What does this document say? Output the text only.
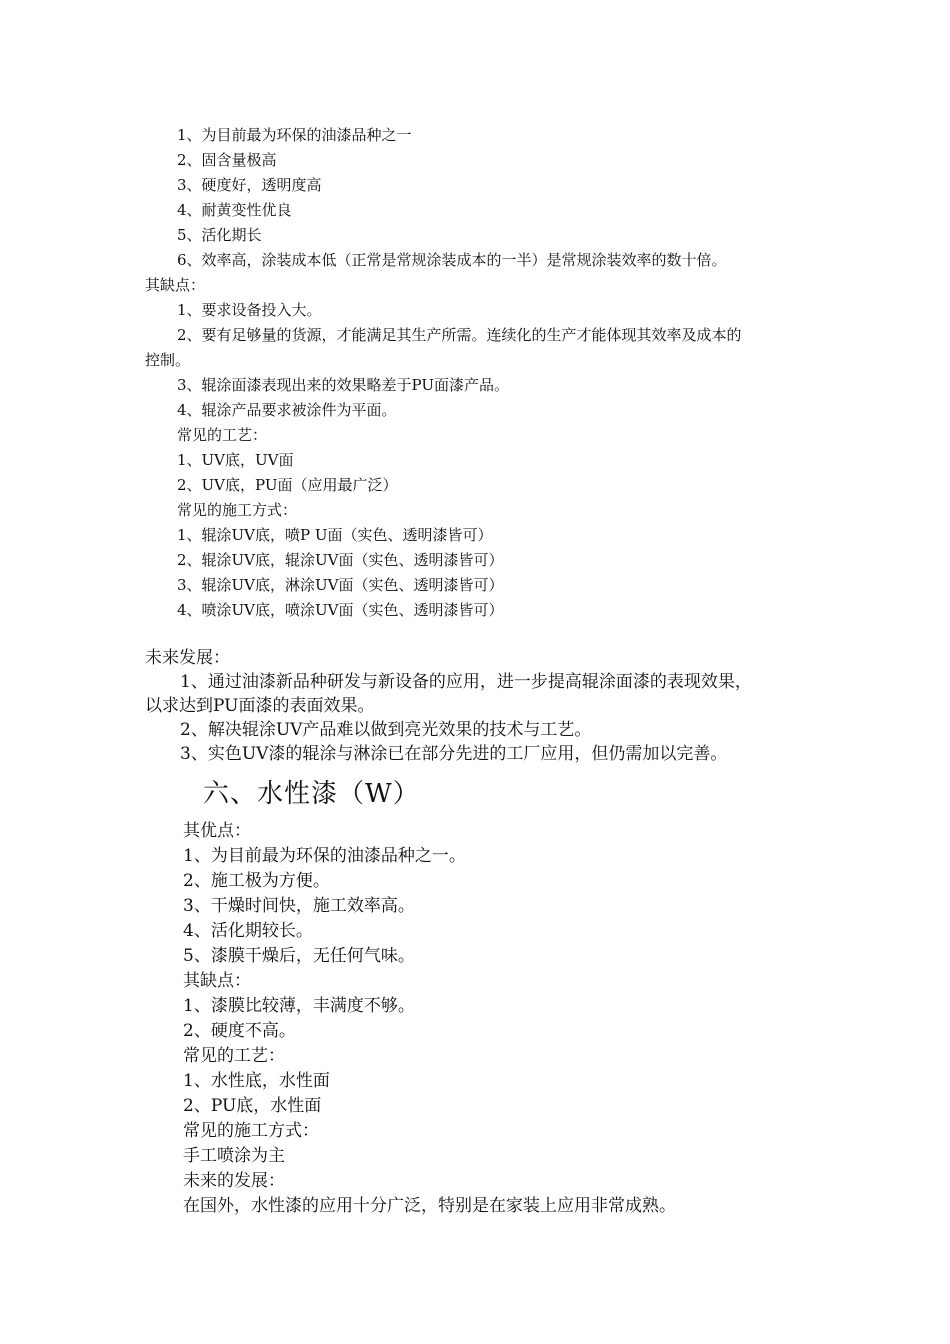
1、为目前最为环保的油漆品种之一
2、固含量极高
3、硬度好，透明度高
4、耐黄变性优良
5、活化期长
6、效率高，涂装成本低（正常是常规涂装成本的一半）是常规涂装效率的数十倍。
其缺点：
1、要求设备投入大。
2、要有足够量的货源，才能满足其生产所需。连续化的生产才能体现其效率及成本的
控制。
3、辊涂面漆表现出来的效果略差于PU面漆产品。
4、辊涂产品要求被涂件为平面。
常见的工艺：
1、UV底，UV面
2、UV底，PU面（应用最广泛）
常见的施工方式：
1、辊涂UV底，喷P U面（实色、透明漆皆可）
2、辊涂UV底，辊涂UV面（实色、透明漆皆可）
3、辊涂UV底，淋涂UV面（实色、透明漆皆可）
4、喷涂UV底，喷涂UV面（实色、透明漆皆可）
未来发展：
1、通过油漆新品种研发与新设备的应用，进一步提高辊涂面漆的表现效果，
以求达到PU面漆的表面效果。
2、解决辊涂UV产品难以做到亮光效果的技术与工艺。
3、实色UV漆的辊涂与淋涂已在部分先进的工厂应用，但仍需加以完善。
六、水性漆（W）
其优点：
1、为目前最为环保的油漆品种之一。
2、施工极为方便。
3、干燥时间快，施工效率高。
4、活化期较长。
5、漆膜干燥后，无任何气味。
其缺点：
1、漆膜比较薄，丰满度不够。
2、硬度不高。
常见的工艺：
1、水性底，水性面
2、PU底，水性面
常见的施工方式：
手工喷涂为主
未来的发展：
在国外，水性漆的应用十分广泛，特别是在家装上应用非常成熟。
